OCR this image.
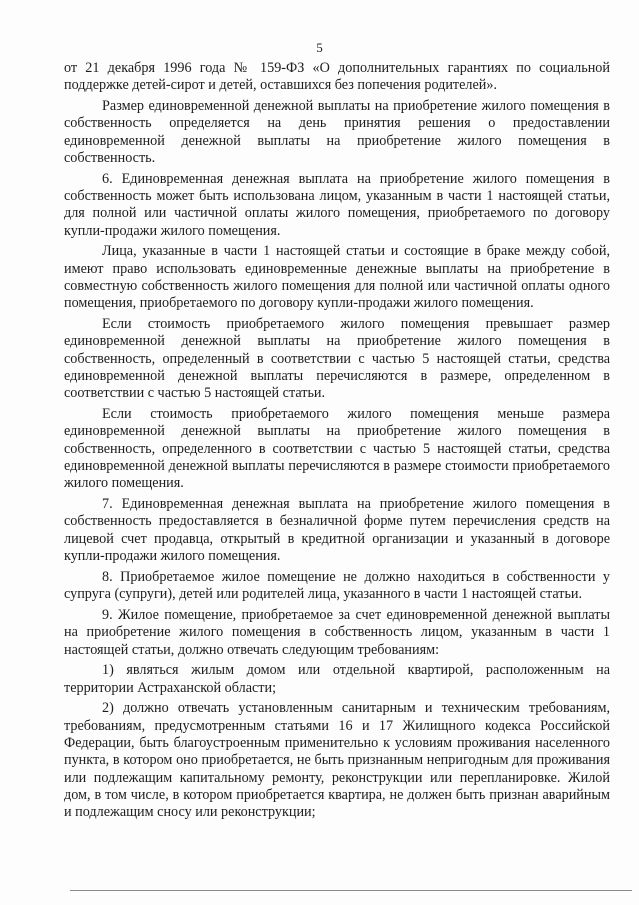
5

от 21 декабря 1996 года № 159-ФЗ «О дополнительных гарантиях по социальной поддержке детей-сирот и детей, оставшихся без попечения родителей».

Размер единовременной денежной выплаты на приобретение жилого помещения в собственность определяется на день принятия решения о предоставлении единовременной денежной выплаты на приобретение жилого помещения в собственность.

6. Единовременная денежная выплата на приобретение жилого помещения в собственность может быть использована лицом, указанным в части 1 настоящей статьи, для полной или частичной оплаты жилого помещения, приобретаемого по договору купли-продажи жилого помещения.

Лица, указанные в части 1 настоящей статьи и состоящие в браке между собой, имеют право использовать единовременные денежные выплаты на приобретение в совместную собственность жилого помещения для полной или частичной оплаты одного помещения, приобретаемого по договору купли-продажи жилого помещения.

Если стоимость приобретаемого жилого помещения превышает размер единовременной денежной выплаты на приобретение жилого помещения в собственность, определенный в соответствии с частью 5 настоящей статьи, средства единовременной денежной выплаты перечисляются в размере, определенном в соответствии с частью 5 настоящей статьи.

Если стоимость приобретаемого жилого помещения меньше размера единовременной денежной выплаты на приобретение жилого помещения в собственность, определенного в соответствии с частью 5 настоящей статьи, средства единовременной денежной выплаты перечисляются в размере стоимости приобретаемого жилого помещения.

7. Единовременная денежная выплата на приобретение жилого помещения в собственность предоставляется в безналичной форме путем перечисления средств на лицевой счет продавца, открытый в кредитной организации и указанный в договоре купли-продажи жилого помещения.

8. Приобретаемое жилое помещение не должно находиться в собственности у супруга (супруги), детей или родителей лица, указанного в части 1 настоящей статьи.

9. Жилое помещение, приобретаемое за счет единовременной денежной выплаты на приобретение жилого помещения в собственность лицом, указанным в части 1 настоящей статьи, должно отвечать следующим требованиям:

1) являться жилым домом или отдельной квартирой, расположенным на территории Астраханской области;

2) должно отвечать установленным санитарным и техническим требованиям, требованиям, предусмотренным статьями 16 и 17 Жилищного кодекса Российской Федерации, быть благоустроенным применительно к условиям проживания населенного пункта, в котором оно приобретается, не быть признанным непригодным для проживания или подлежащим капитальному ремонту, реконструкции или перепланировке. Жилой дом, в том числе, в котором приобретается квартира, не должен быть признан аварийным и подлежащим сносу или реконструкции;
